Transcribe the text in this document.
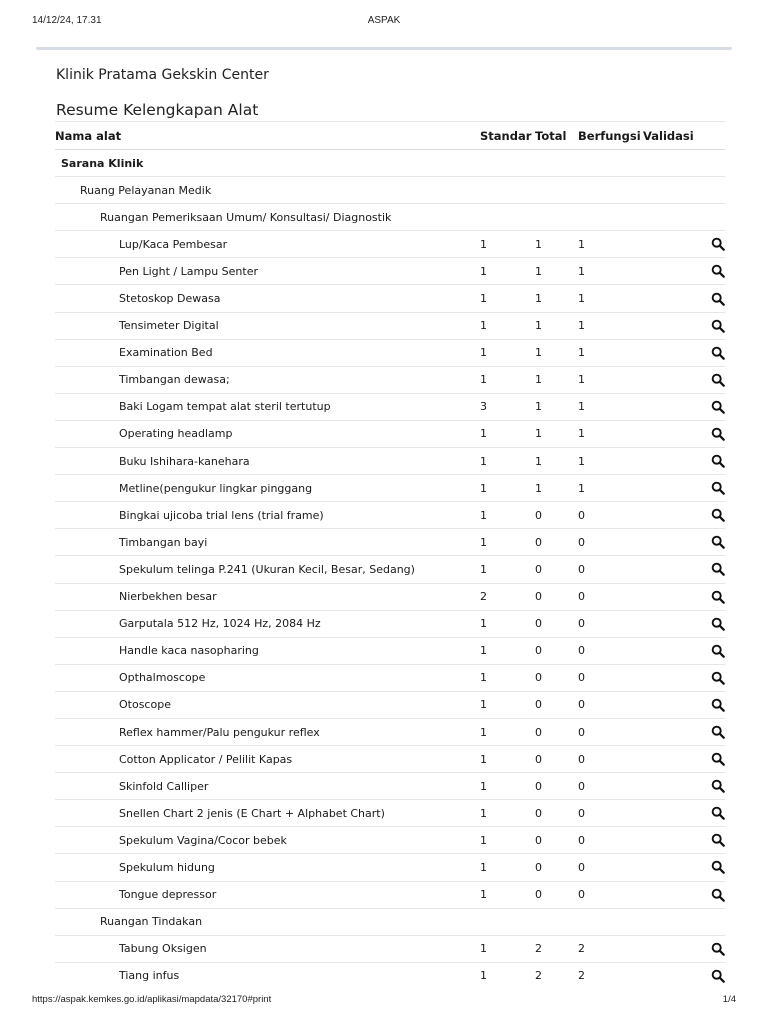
14/12/24, 17.31	ASPAK
Klinik Pratama Gekskin Center
Resume Kelengkapan Alat
Nama alat	Standar	Total	Berfungsi	Validasi
Sarana Klinik				
Ruang Pelayanan Medik				
Ruangan Pemeriksaan Umum/ Konsultasi/ Diagnostik				
Lup/Kaca Pembesar	1	1	1	
Pen Light / Lampu Senter	1	1	1	
Stetoskop Dewasa	1	1	1	
Tensimeter Digital	1	1	1	
Examination Bed	1	1	1	
Timbangan dewasa;	1	1	1	
Baki Logam tempat alat steril tertutup	3	1	1	
Operating headlamp	1	1	1	
Buku Ishihara-kanehara	1	1	1	
Metline(pengukur lingkar pinggang	1	1	1	
Bingkai ujicoba trial lens (trial frame)	1	0	0	
Timbangan bayi	1	0	0	
Spekulum telinga P.241 (Ukuran Kecil, Besar, Sedang)	1	0	0	
Nierbekhen besar	2	0	0	
Garputala 512 Hz, 1024 Hz, 2084 Hz	1	0	0	
Handle kaca nasopharing	1	0	0	
Opthalmoscope	1	0	0	
Otoscope	1	0	0	
Reflex hammer/Palu pengukur reflex	1	0	0	
Cotton Applicator / Pelilit Kapas	1	0	0	
Skinfold Calliper	1	0	0	
Snellen Chart 2 jenis (E Chart + Alphabet Chart)	1	0	0	
Spekulum Vagina/Cocor bebek	1	0	0	
Spekulum hidung	1	0	0	
Tongue depressor	1	0	0	
Ruangan Tindakan				
Tabung Oksigen	1	2	2	
Tiang infus	1	2	2	
https://aspak.kemkes.go.id/aplikasi/mapdata/32170#print	1/4
